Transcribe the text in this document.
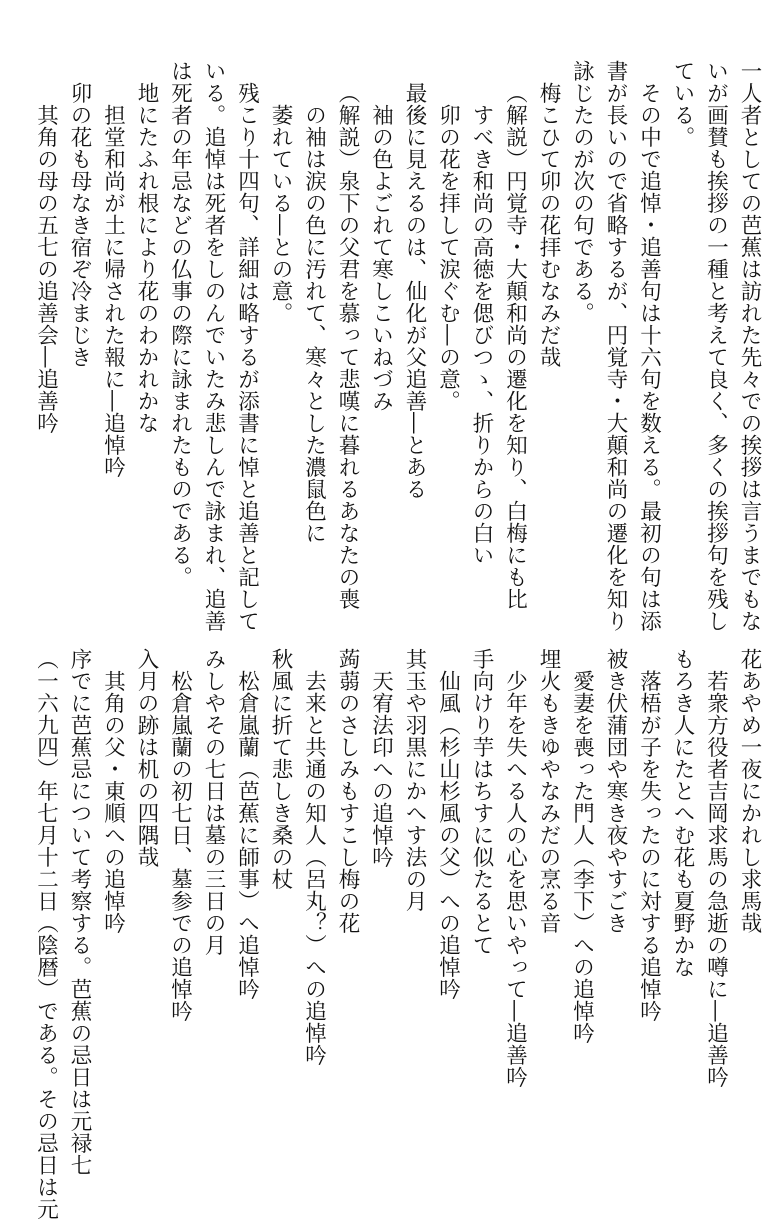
一人者としての芭蕉は訪れた先々での挨拶は言うまでもな
いが画賛も挨拶の一種と考えて良く、多くの挨拶句を残し
ている。
その中で追悼・追善句は十六句を数える。最初の句は添
書が長いので省略するが、円覚寺・大顛和尚の遷化を知り
詠じたのが次の句である。
梅こひて卯の花拝むなみだ哉
（解説）円覚寺・大顛和尚の遷化を知り、白梅にも比
すべき和尚の高徳を偲びつゝ、折りからの白い
卯の花を拝して涙ぐむ―の意。
最後に見えるのは、仙化が父追善―とある
袖の色よごれて寒しこいねづみ
（解説）泉下の父君を慕って悲嘆に暮れるあなたの喪
の袖は涙の色に汚れて、寒々とした濃鼠色に
萎れている―との意。
残こり十四句、詳細は略するが添書に悼と追善と記して
いる。追悼は死者をしのんでいたみ悲しんで詠まれ、追善
は死者の年忌などの仏事の際に詠まれたものである。
地にたふれ根により花のわかれかな
担堂和尚が土に帰された報に―追悼吟
卯の花も母なき宿ぞ冷まじき
其角の母の五七の追善会―追善吟
花あやめ一夜にかれし求馬哉
若衆方役者吉岡求馬の急逝の噂に―追善吟
もろき人にたとへむ花も夏野かな
落梧が子を失ったのに対する追悼吟
被き伏蒲団や寒き夜やすごき
愛妻を喪った門人（李下）への追悼吟
埋火もきゆやなみだの烹る音
少年を失へる人の心を思いやって―追善吟
手向けり芋はちすに似たるとて
仙風（杉山杉風の父）への追悼吟
其玉や羽黒にかへす法の月
天宥法印への追悼吟
蒟蒻のさしみもすこし梅の花
去来と共通の知人（呂丸？）への追悼吟
秋風に折て悲しき桑の杖
松倉嵐蘭（芭蕉に師事）へ追悼吟
みしやその七日は墓の三日の月
松倉嵐蘭の初七日、墓参での追悼吟
入月の跡は机の四隅哉
其角の父・東順への追悼吟
序でに芭蕉忌について考察する。芭蕉の忌日は元禄七
（一六九四）年七月十二日（陰暦）である。その忌日は元
